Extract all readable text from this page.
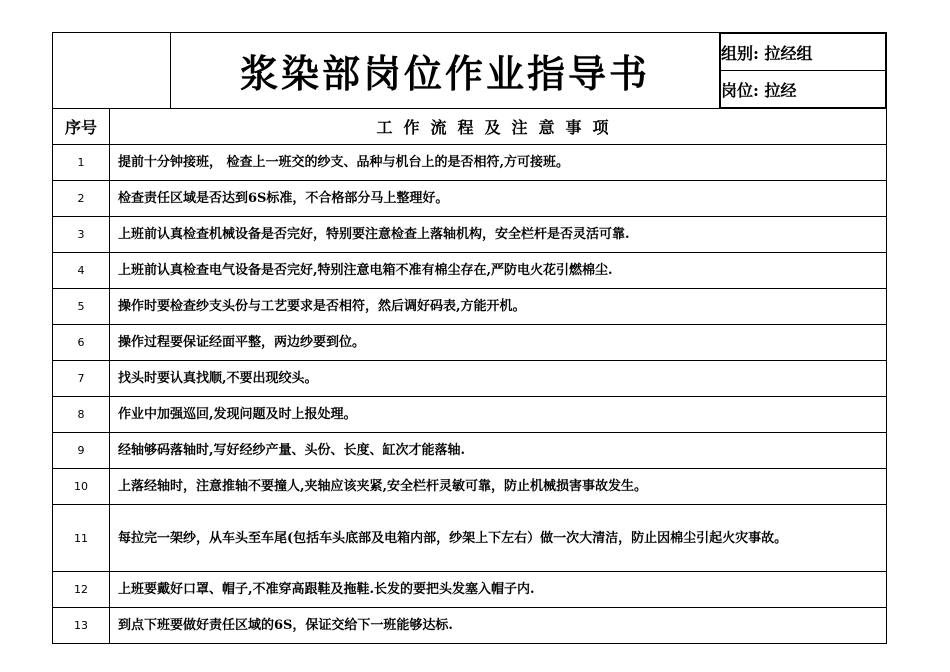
	浆染部岗位作业指导书		组别: 拉经组
岗位: 拉经

序号	工作流程及注意事项
1	提前十分钟接班， 检查上一班交的纱支、品种与机台上的是否相符,方可接班。
2	检查责任区域是否达到6S标准，不合格部分马上整理好。
3	上班前认真检查机械设备是否完好，特别要注意检查上落轴机构，安全栏杆是否灵活可靠.
4	上班前认真检查电气设备是否完好,特别注意电箱不准有棉尘存在,严防电火花引燃棉尘.
5	操作时要检查纱支头份与工艺要求是否相符，然后调好码表,方能开机。
6	操作过程要保证经面平整，两边纱要到位。
7	找头时要认真找顺,不要出现绞头。
8	作业中加强巡回,发现问题及时上报处理。
9	经轴够码落轴时,写好经纱产量、头份、长度、缸次才能落轴.
10	上落经轴时，注意推轴不要撞人,夹轴应该夹紧,安全栏杆灵敏可靠，防止机械损害事故发生。
11	每拉完一架纱，从车头至车尾(包括车头底部及电箱内部，纱架上下左右）做一次大清洁，防止因棉尘引起火灾事故。
12	上班要戴好口罩、帽子,不准穿高跟鞋及拖鞋.长发的要把头发塞入帽子内.
13	到点下班要做好责任区域的6S，保证交给下一班能够达标.
